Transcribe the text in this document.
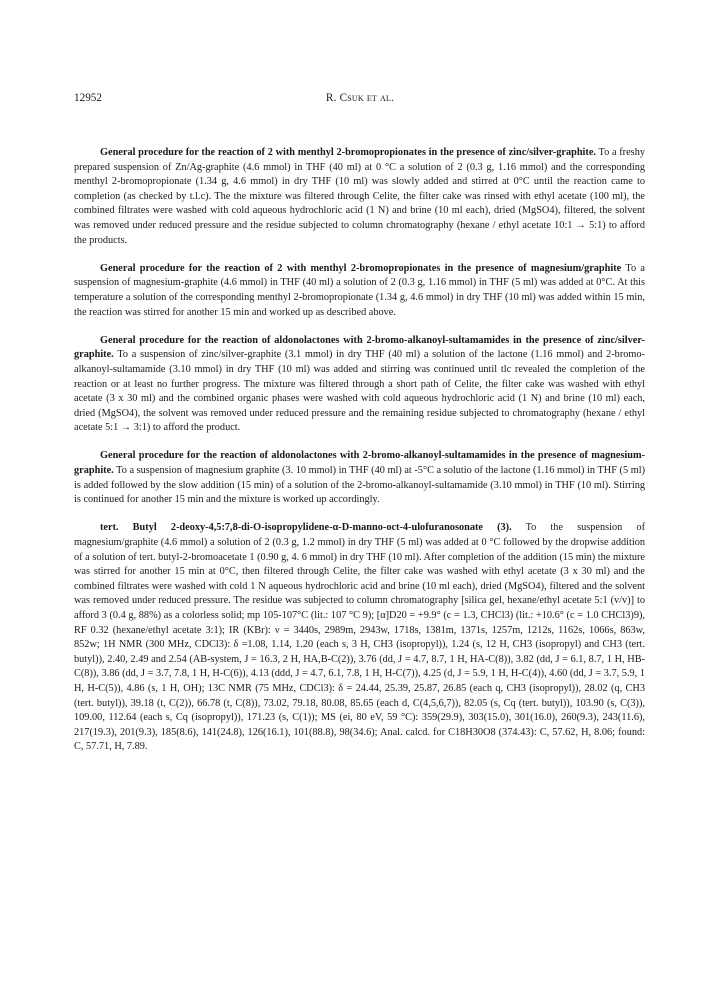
12952	R. Csuk et al.

General procedure for the reaction of 2 with menthyl 2-bromopropionates in the presence of zinc/silver-graphite. To a freshy prepared suspension of Zn/Ag-graphite (4.6 mmol) in THF (40 ml) at 0 °C a solution of 2 (0.3 g, 1.16 mmol) and the corresponding menthyl 2-bromopropionate (1.34 g, 4.6 mmol) in dry THF (10 ml) was slowly added and stirred at 0°C until the reaction came to completion (as checked by t.l.c). The the mixture was filtered through Celite, the filter cake was rinsed with ethyl acetate (100 ml), the combined filtrates were washed with cold aqueous hydrochloric acid (1 N) and brine (10 ml each), dried (MgSO4), filtered, the solvent was removed under reduced pressure and the residue subjected to column chromatography (hexane / ethyl acetate 10:1 → 5:1) to afford the products.

General procedure for the reaction of 2 with menthyl 2-bromopropionates in the presence of magnesium/graphite To a suspension of magnesium-graphite (4.6 mmol) in THF (40 ml) a solution of 2 (0.3 g, 1.16 mmol) in THF (5 ml) was added at 0°C. At this temperature a solution of the corresponding menthyl 2-bromopropionate (1.34 g, 4.6 mmol) in dry THF (10 ml) was added within 15 min, the reaction was stirred for another 15 min and worked up as described above.

General procedure for the reaction of aldonolactones with 2-bromo-alkanoyl-sultamamides in the presence of zinc/silver-graphite. To a suspension of zinc/silver-graphite (3.1 mmol) in dry THF (40 ml) a solution of the lactone (1.16 mmol) and 2-bromo-alkanoyl-sultamamide (3.10 mmol) in dry THF (10 ml) was added and stirring was continued until tlc revealed the completion of the reaction or at least no further progress. The mixture was filtered through a short path of Celite, the filter cake was washed with ethyl acetate (3 x 30 ml) and the combined organic phases were washed with cold aqueous hydrochloric acid (1 N) and brine (10 ml) each, dried (MgSO4), the solvent was removed under reduced pressure and the remaining residue subjected to chromatography (hexane / ethyl acetate 5:1 → 3:1) to afford the product.

General procedure for the reaction of aldonolactones with 2-bromo-alkanoyl-sultamamides in the presence of magnesium-graphite. To a suspension of magnesium graphite (3. 10 mmol) in THF (40 ml) at -5°C a solutio of the lactone (1.16 mmol) in THF (5 ml) is added followed by the slow addition (15 min) of a solution of the 2-bromo-alkanoyl-sultamamide (3.10 mmol) in THF (10 ml). Stirring is continued for another 15 min and the mixture is worked up accordingly.

tert. Butyl 2-deoxy-4,5:7,8-di-O-isopropylidene-α-D-manno-oct-4-ulofuranosonate (3). To the suspension of magnesium/graphite (4.6 mmol) a solution of 2 (0.3 g, 1.2 mmol) in dry THF (5 ml) was added at 0 °C followed by the dropwise addition of a solution of tert. butyl-2-bromoacetate 1 (0.90 g, 4. 6 mmol) in dry THF (10 ml). After completion of the addition (15 min) the mixture was stirred for another 15 min at 0°C, then filtered through Celite, the filter cake was washed with ethyl acetate (3 x 30 ml) and the combined filtrates were washed with cold 1 N aqueous hydrochloric acid and brine (10 ml each), dried (MgSO4), filtered and the solvent was removed under reduced pressure. The residue was subjected to column chromatography [silica gel, hexane/ethyl acetate 5:1 (v/v)] to afford 3 (0.4 g, 88%) as a colorless solid; mp 105-107°C (lit.: 107 °C 9); [α]D20 = +9.9° (c = 1.3, CHCl3) (lit.: +10.6° (c = 1.0 CHCl3)9), RF 0.32 (hexane/ethyl acetate 3:1); IR (KBr): ν = 3440s, 2989m, 2943w, 1718s, 1381m, 1371s, 1257m, 1212s, 1162s, 1066s, 863w, 852w; 1H NMR (300 MHz, CDCl3): δ =1.08, 1.14, 1.20 (each s, 3 H, CH3 (isopropyl)), 1.24 (s, 12 H, CH3 (isopropyl) and CH3 (tert. butyl)), 2.40, 2.49 and 2.54 (AB-system, J = 16.3, 2 H, HA,B-C(2)), 3.76 (dd, J = 4.7, 8.7, 1 H, HA-C(8)), 3.82 (dd, J = 6.1, 8.7, 1 H, HB-C(8)), 3.86 (dd, J = 3.7, 7.8, 1 H, H-C(6)), 4.13 (ddd, J = 4.7, 6.1, 7.8, 1 H, H-C(7)), 4.25 (d, J = 5.9, 1 H, H-C(4)), 4.60 (dd, J = 3.7, 5.9, 1 H, H-C(5)), 4.86 (s, 1 H, OH); 13C NMR (75 MHz, CDCl3): δ = 24.44, 25.39, 25.87, 26.85 (each q, CH3 (isopropyl)), 28.02 (q, CH3 (tert. butyl)), 39.18 (t, C(2)), 66.78 (t, C(8)), 73.02, 79.18, 80.08, 85.65 (each d, C(4,5,6,7)), 82.05 (s, Cq (tert. butyl)), 103.90 (s, C(3)), 109.00, 112.64 (each s, Cq (isopropyl)), 171.23 (s, C(1)); MS (ei, 80 eV, 59 °C): 359(29.9), 303(15.0), 301(16.0), 260(9.3), 243(11.6), 217(19.3), 201(9.3), 185(8.6), 141(24.8), 126(16.1), 101(88.8), 98(34.6); Anal. calcd. for C18H30O8 (374.43): C, 57.62, H, 8.06; found: C, 57.71, H, 7.89.
